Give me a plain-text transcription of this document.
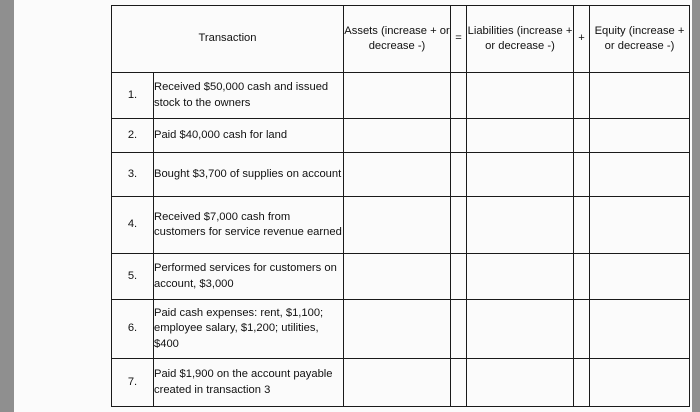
Transaction		Assets (increase + or decrease -)	=	Liabilities (increase + or decrease -)	+	Equity (increase + or decrease -)
1.	Received $50,000 cash and issued stock to the owners					
2.	Paid $40,000 cash for land					
3.	Bought $3,700 of supplies on account					
4.	Received $7,000 cash from customers for service revenue earned					
5.	Performed services for customers on account, $3,000					
6.	Paid cash expenses: rent, $1,100; employee salary, $1,200; utilities, $400					
7.	Paid $1,900 on the account payable created in transaction 3					
